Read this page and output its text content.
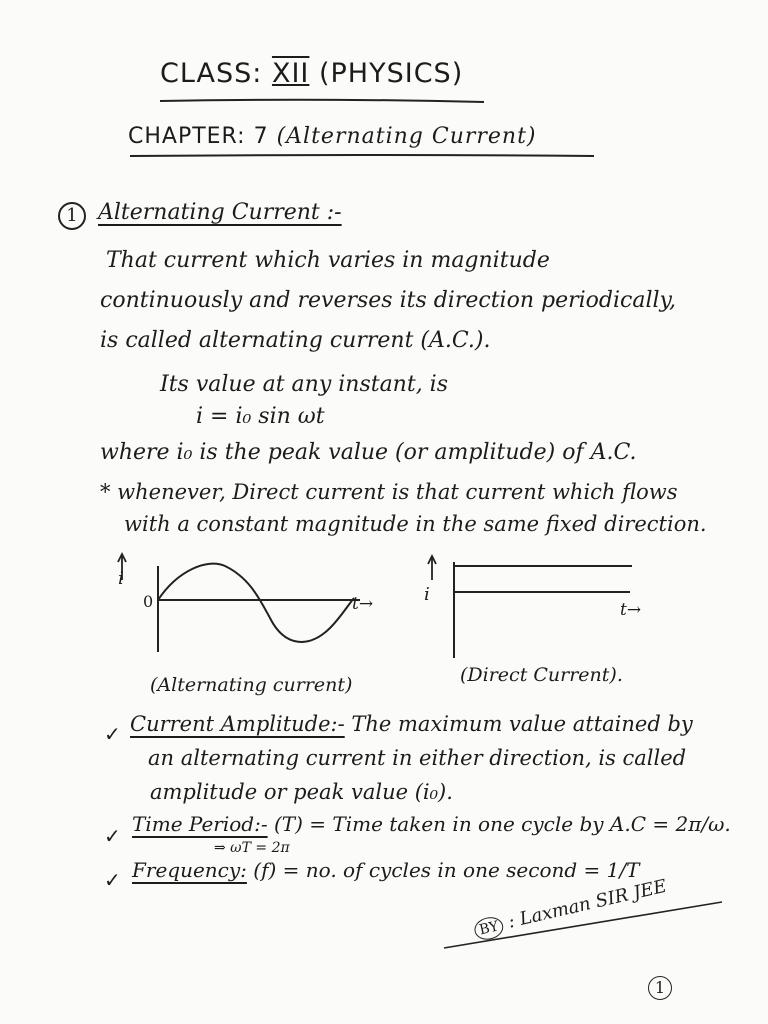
CLASS: XII (PHYSICS)
CHAPTER: 7 (Alternating Current)
1 Alternating Current :-
That current which varies in magnitude
continuously and reverses its direction periodically,
is called alternating current (A.C.).
Its value at any instant, is
i = i₀ sin ωt
where i₀ is the peak value (or amplitude) of A.C.
* whenever, Direct current is that current which flows
with a constant magnitude in the same fixed direction.
i
0	t→	i
t→
(Alternating current)	(Direct Current).
✓ Current Amplitude:- The maximum value attained by
an alternating current in either direction, is called
amplitude or peak value (i₀).
✓ Time Period:- (T) = Time taken in one cycle by A.C = 2π/ω.
⇒ ωT = 2π
✓ Frequency: (f) = no. of cycles in one second = 1/T
BY : Laxman SIR JEE
1
